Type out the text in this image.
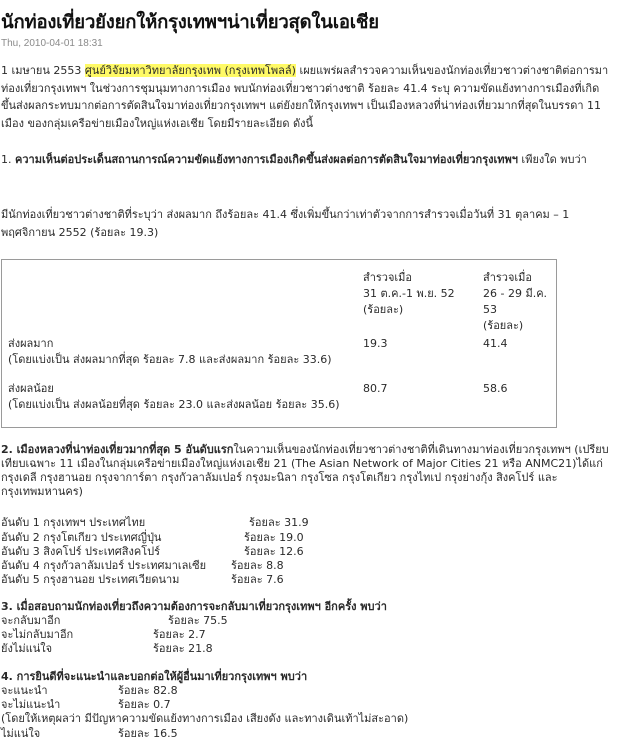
นักท่องเที่ยวยังยกให้กรุงเทพฯน่าเที่ยวสุดในเอเชีย
Thu, 2010-04-01 18:31

1 เมษายน 2553 ศูนย์วิจัยมหาวิทยาลัยกรุงเทพ (กรุงเทพโพลล์) เผยแพร่ผลสำรวจความเห็นของนักท่องเที่ยวชาวต่างชาติต่อการมาท่องเที่ยวกรุงเทพฯ ในช่วงการชุมนุมทางการเมือง พบนักท่องเที่ยวชาวต่างชาติ ร้อยละ 41.4 ระบุ ความขัดแย้งทางการเมืองที่เกิดขึ้นส่งผลกระทบมากต่อการตัดสินใจมาท่องเที่ยวกรุงเทพฯ แต่ยังยกให้กรุงเทพฯ เป็นเมืองหลวงที่น่าท่องเที่ยวมากที่สุดในบรรดา 11 เมือง ของกลุ่มเครือข่ายเมืองใหญ่แห่งเอเชีย โดยมีรายละเอียด ดังนี้

1. ความเห็นต่อประเด็นสถานการณ์ความขัดแย้งทางการเมืองเกิดขึ้นส่งผลต่อการตัดสินใจมาท่องเที่ยวกรุงเทพฯ เพียงใด พบว่า

มีนักท่องเที่ยวชาวต่างชาติที่ระบุว่า ส่งผลมาก ถึงร้อยละ 41.4 ซึ่งเพิ่มขึ้นกว่าเท่าตัวจากการสำรวจเมื่อวันที่ 31 ตุลาคม – 1 พฤศจิกายน 2552 (ร้อยละ 19.3)

	สำรวจเมื่อ
31 ต.ค.-1 พ.ย. 52
(ร้อยละ)	สำรวจเมื่อ
26 - 29 มี.ค. 53
(ร้อยละ)

ส่งผลมาก
(โดยแบ่งเป็น ส่งผลมากที่สุด ร้อยละ 7.8 และส่งผลมาก ร้อยละ 33.6)	19.3	41.4

ส่งผลน้อย
(โดยแบ่งเป็น ส่งผลน้อยที่สุด ร้อยละ 23.0 และส่งผลน้อย ร้อยละ 35.6)	80.7	58.6

2. เมืองหลวงที่น่าท่องเที่ยวมากที่สุด 5 อันดับแรกในความเห็นของนักท่องเที่ยวชาวต่างชาติที่เดินทางมาท่องเที่ยวกรุงเทพฯ (เปรียบเทียบเฉพาะ 11 เมืองในกลุ่มเครือข่ายเมืองใหญ่แห่งเอเชีย 21 (The Asian Network of Major Cities 21 หรือ ANMC21)ได้แก่ กรุงเดลี กรุงฮานอย กรุงจาการ์ตา กรุงกัวลาลัมเปอร์ กรุงมะนิลา กรุงโซล กรุงโตเกียว กรุงไทเป กรุงย่างกุ้ง สิงคโปร์ และกรุงเทพมหานคร)

อันดับ 1 กรุงเทพฯ ประเทศไทย	ร้อยละ 31.9
อันดับ 2 กรุงโตเกียว ประเทศญี่ปุ่น	ร้อยละ 19.0
อันดับ 3 สิงคโปร์ ประเทศสิงคโปร์	ร้อยละ 12.6
อันดับ 4 กรุงกัวลาลัมเปอร์ ประเทศมาเลเซีย ร้อยละ 8.8
อันดับ 5 กรุงฮานอย ประเทศเวียดนาม	ร้อยละ 7.6
3. เมื่อสอบถามนักท่องเที่ยวถึงความต้องการจะกลับมาเที่ยวกรุงเทพฯ อีกครั้ง พบว่า
จะกลับมาอีก	ร้อยละ 75.5
จะไม่กลับมาอีก	ร้อยละ 2.7
ยังไม่แน่ใจ	ร้อยละ 21.8
4. การยินดีที่จะแนะนำและบอกต่อให้ผู้อื่นมาเที่ยวกรุงเทพฯ พบว่า
จะแนะนำ	ร้อยละ 82.8
จะไม่แนะนำ	ร้อยละ 0.7
(โดยให้เหตุผลว่า มีปัญหาความขัดแย้งทางการเมือง เสียงดัง และทางเดินเท้าไม่สะอาด)
ไม่แน่ใจ	ร้อยละ 16.5
